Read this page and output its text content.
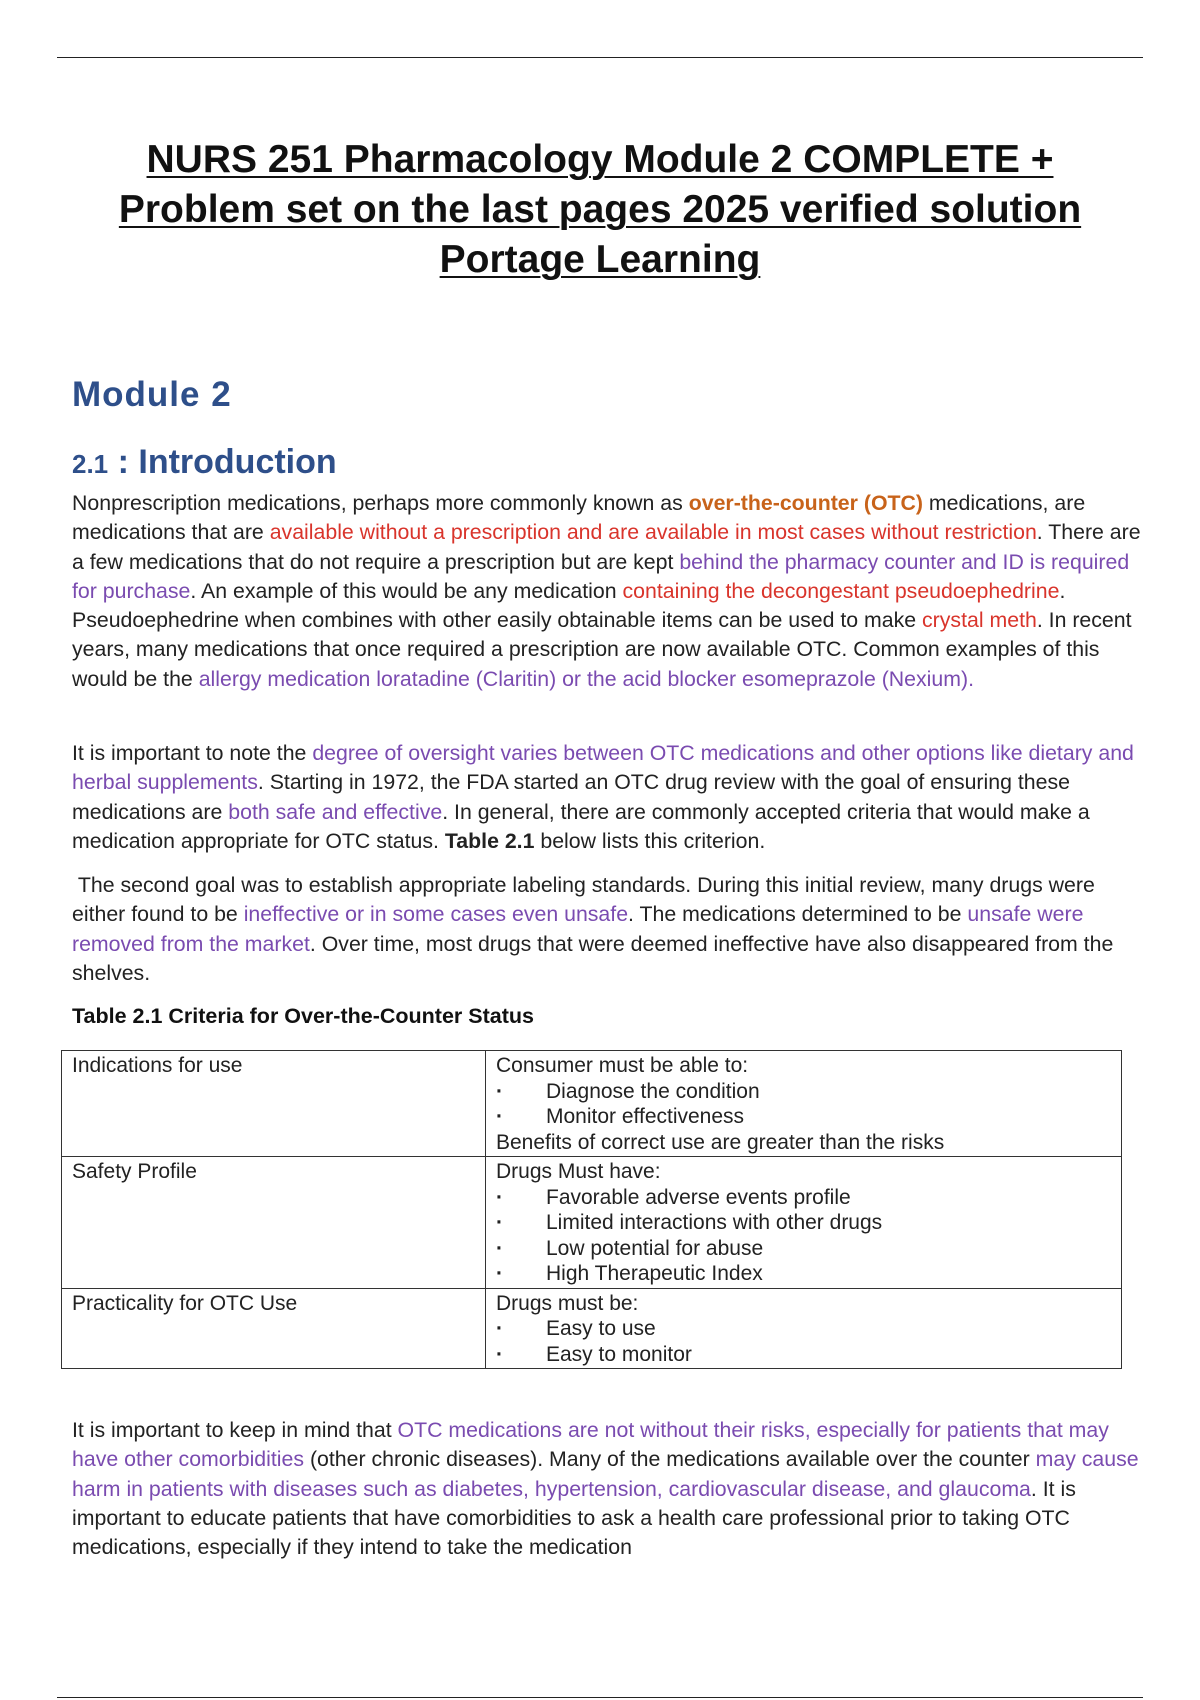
NURS 251 Pharmacology Module 2 COMPLETE +
Problem set on the last pages 2025 verified solution
Portage Learning
Module 2
2.1 : Introduction

Nonprescription medications, perhaps more commonly known as over-the-counter (OTC) medications, are medications that are available without a prescription and are available in most cases without restriction. There are a few medications that do not require a prescription but are kept behind the pharmacy counter and ID is required for purchase. An example of this would be any medication containing the decongestant pseudoephedrine. Pseudoephedrine when combines with other easily obtainable items can be used to make crystal meth. In recent years, many medications that once required a prescription are now available OTC. Common examples of this would be the allergy medication loratadine (Claritin) or the acid blocker esomeprazole (Nexium).

It is important to note the degree of oversight varies between OTC medications and other options like dietary and herbal supplements. Starting in 1972, the FDA started an OTC drug review with the goal of ensuring these medications are both safe and effective. In general, there are commonly accepted criteria that would make a medication appropriate for OTC status. Table 2.1 below lists this criterion.

The second goal was to establish appropriate labeling standards. During this initial review, many drugs were either found to be ineffective or in some cases even unsafe. The medications determined to be unsafe were removed from the market. Over time, most drugs that were deemed ineffective have also disappeared from the shelves.

Table 2.1 Criteria for Over-the-Counter Status

Indications for use	Consumer must be able to:
· Diagnose the condition
· Monitor effectiveness
Benefits of correct use are greater than the risks

Safety Profile	Drugs Must have:
· Favorable adverse events profile
· Limited interactions with other drugs
· Low potential for abuse
· High Therapeutic Index

Practicality for OTC Use	Drugs must be:
· Easy to use
· Easy to monitor

It is important to keep in mind that OTC medications are not without their risks, especially for patients that may have other comorbidities (other chronic diseases). Many of the medications available over the counter may cause harm in patients with diseases such as diabetes, hypertension, cardiovascular disease, and glaucoma. It is important to educate patients that have comorbidities to ask a health care professional prior to taking OTC medications, especially if they intend to take the medication
